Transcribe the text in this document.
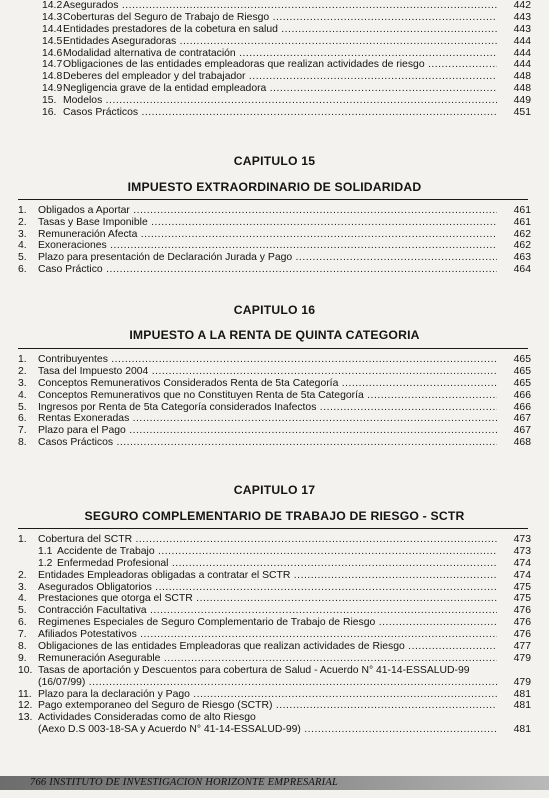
14.2 Asegurados .....	442
14.3 Coberturas del Seguro de Trabajo de Riesgo .....	443
14.4 Entidades prestadores de la cobetura en salud .....	443
14.5 Entidades Aseguradoras .....	444
14.6 Modalidad alternativa de contratación .....	444
14.7 Obligaciones de las entidades empleadoras que realizan actividades de riesgo .....	444
14.8 Deberes del empleador y del trabajador .....	448
14.9 Negligencia grave de la entidad empleadora .....	448
15. Modelos .....	449
16. Casos Prácticos .....	451
CAPITULO 15
IMPUESTO EXTRAORDINARIO DE SOLIDARIDAD
1. Obligados a Aportar .....	461
2. Tasas y Base Imponible .....	461
3. Remuneración Afecta .....	462
4. Exoneraciones .....	462
5. Plazo para presentación de Declaración Jurada y Pago .....	463
6. Caso Práctico .....	464
CAPITULO 16
IMPUESTO A LA RENTA DE QUINTA CATEGORIA
1. Contribuyentes .....	465
2. Tasa del Impuesto 2004 .....	465
3. Conceptos Remunerativos Considerados Renta de 5ta Categoría .....	465
4. Conceptos Remunerativos que no Constituyen Renta de 5ta Categoría .....	466
5. Ingresos por Renta de 5ta Categoría considerados Inafectos .....	466
6. Rentas Exoneradas .....	467
7. Plazo para el Pago .....	467
8. Casos Prácticos .....	468
CAPITULO 17
SEGURO COMPLEMENTARIO DE TRABAJO DE RIESGO - SCTR
1. Cobertura del SCTR .....	473
1.1 Accidente de Trabajo .....	473
1.2 Enfermedad Profesional .....	474
2. Entidades Empleadoras obligadas a contratar el SCTR .....	474
3. Asegurados Obligatorios .....	475
4. Prestaciones que otorga el SCTR .....	475
5. Contracción Facultativa .....	476
6. Regimenes Especiales de Seguro Complementario de Trabajo de Riesgo .....	476
7. Afiliados Potestativos .....	476
8. Obligaciones de las entidades Empleadoras que realizan actividades de Riesgo .....	477
9. Remuneración Asegurable .....	479
10. Tasas de aportación y Descuentos para cobertura de Salud - Acuerdo N° 41-14-ESSALUD-99
(16/07/99) .....	479
11. Plazo para la declaración y Pago .....	481
12. Pago extemporaneo del Seguro de Riesgo (SCTR) .....	481
13. Actividades Consideradas como de alto Riesgo
(Aexo D.S 003-18-SA y Acuerdo N° 41-14-ESSALUD-99) .....	481
766 INSTITUTO DE INVESTIGACION HORIZONTE EMPRESARIAL
